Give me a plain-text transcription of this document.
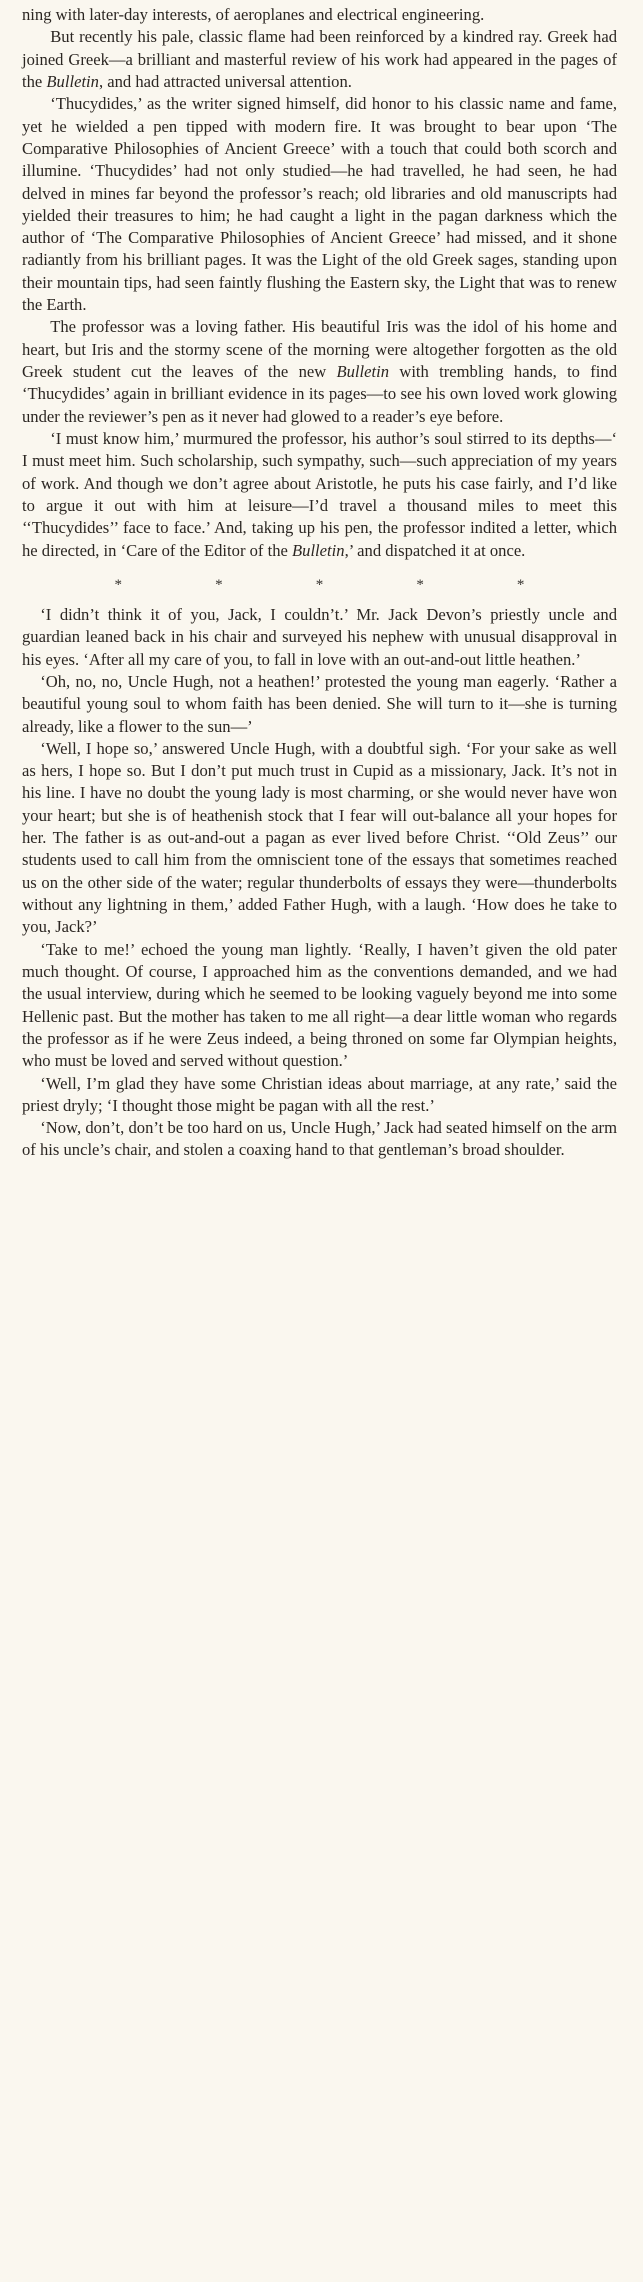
ning with later-day interests, of aeroplanes and electrical engineering.

But recently his pale, classic flame had been reinforced by a kindred ray. Greek had joined Greek—a brilliant and masterful review of his work had appeared in the pages of the Bulletin, and had attracted universal attention.

‘Thucydides,’ as the writer signed himself, did honor to his classic name and fame, yet he wielded a pen tipped with modern fire. It was brought to bear upon ‘The Comparative Philosophies of Ancient Greece’ with a touch that could both scorch and illumine. ‘Thucydides’ had not only studied—he had travelled, he had seen, he had delved in mines far beyond the professor’s reach; old libraries and old manuscripts had yielded their treasures to him; he had caught a light in the pagan darkness which the author of ‘The Comparative Philosophies of Ancient Greece’ had missed, and it shone radiantly from his brilliant pages. It was the Light of the old Greek sages, standing upon their mountain tips, had seen faintly flushing the Eastern sky, the Light that was to renew the Earth.

The professor was a loving father. His beautiful Iris was the idol of his home and heart, but Iris and the stormy scene of the morning were altogether forgotten as the old Greek student cut the leaves of the new Bulletin with trembling hands, to find ‘Thucydides’ again in brilliant evidence in its pages—to see his own loved work glowing under the reviewer’s pen as it never had glowed to a reader’s eye before.

‘I must know him,’ murmured the professor, his author’s soul stirred to its depths—‘ I must meet him. Such scholarship, such sympathy, such—such appreciation of my years of work. And though we don’t agree about Aristotle, he puts his case fairly, and I’d like to argue it out with him at leisure—I’d travel a thousand miles to meet this ‘‘Thucydides’’ face to face.’ And, taking up his pen, the professor indited a letter, which he directed, in ‘Care of the Editor of the Bulletin,’ and dispatched it at once.

*	*	*	*	*

‘I didn’t think it of you, Jack, I couldn’t.’ Mr. Jack Devon’s priestly uncle and guardian leaned back in his chair and surveyed his nephew with unusual disapproval in his eyes. ‘After all my care of you, to fall in love with an out-and-out little heathen.’

‘Oh, no, no, Uncle Hugh, not a heathen!’ protested the young man eagerly. ‘Rather a beautiful young soul to whom faith has been denied. She will turn to it—she is turning already, like a flower to the sun—’

‘Well, I hope so,’ answered Uncle Hugh, with a doubtful sigh. ‘For your sake as well as hers, I hope so. But I don’t put much trust in Cupid as a missionary, Jack. It’s not in his line. I have no doubt the young lady is most charming, or she would never have won your heart; but she is of heathenish stock that I fear will out-balance all your hopes for her. The father is as out-and-out a pagan as ever lived before Christ. ‘‘Old Zeus’’ our students used to call him from the omniscient tone of the essays that sometimes reached us on the other side of the water; regular thunderbolts of essays they were—thunderbolts without any lightning in them,’ added Father Hugh, with a laugh. ‘How does he take to you, Jack?’

‘Take to me!’ echoed the young man lightly. ‘Really, I haven’t given the old pater much thought. Of course, I approached him as the conventions demanded, and we had the usual interview, during which he seemed to be looking vaguely beyond me into some Hellenic past. But the mother has taken to me all right—a dear little woman who regards the professor as if he were Zeus indeed, a being throned on some far Olympian heights, who must be loved and served without question.’

‘Well, I’m glad they have some Christian ideas about marriage, at any rate,’ said the priest dryly; ‘I thought those might be pagan with all the rest.’

‘Now, don’t, don’t be too hard on us, Uncle Hugh,’ Jack had seated himself on the arm of his uncle’s chair, and stolen a coaxing hand to that gentleman’s broad shoulder.
